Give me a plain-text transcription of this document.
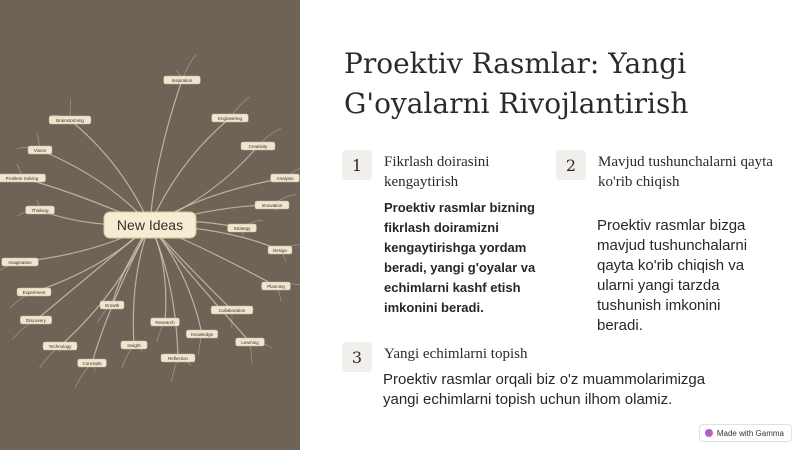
Inspiration
Brainstorming	Engineering
Creativity
Problem Solving
Innovation
Thinking
Design
Strategy
Imagination
Planning
Discovery
Growth
Research
Collaboration
Technology	Insight
Knowledge
Concepts
Reflection
Learning
Experiment
Analysis
Vision
New Ideas
Proektiv Rasmlar: Yangi G'oyalarni Rivojlantirish
1	Fikrlash doirasini kengaytirish
Proektiv rasmlar bizning fikrlash doiramizni kengaytirishga yordam beradi, yangi g'oyalar va echimlarni kashf etish imkonini beradi.
2	Mavjud tushunchalarni qayta ko'rib chiqish
Proektiv rasmlar bizga mavjud tushunchalarni qayta ko'rib chiqish va ularni yangi tarzda tushunish imkonini beradi.
3	Yangi echimlarni topish
Proektiv rasmlar orqali biz o'z muammolarimizga yangi echimlarni topish uchun ilhom olamiz.
Made with Gamma
